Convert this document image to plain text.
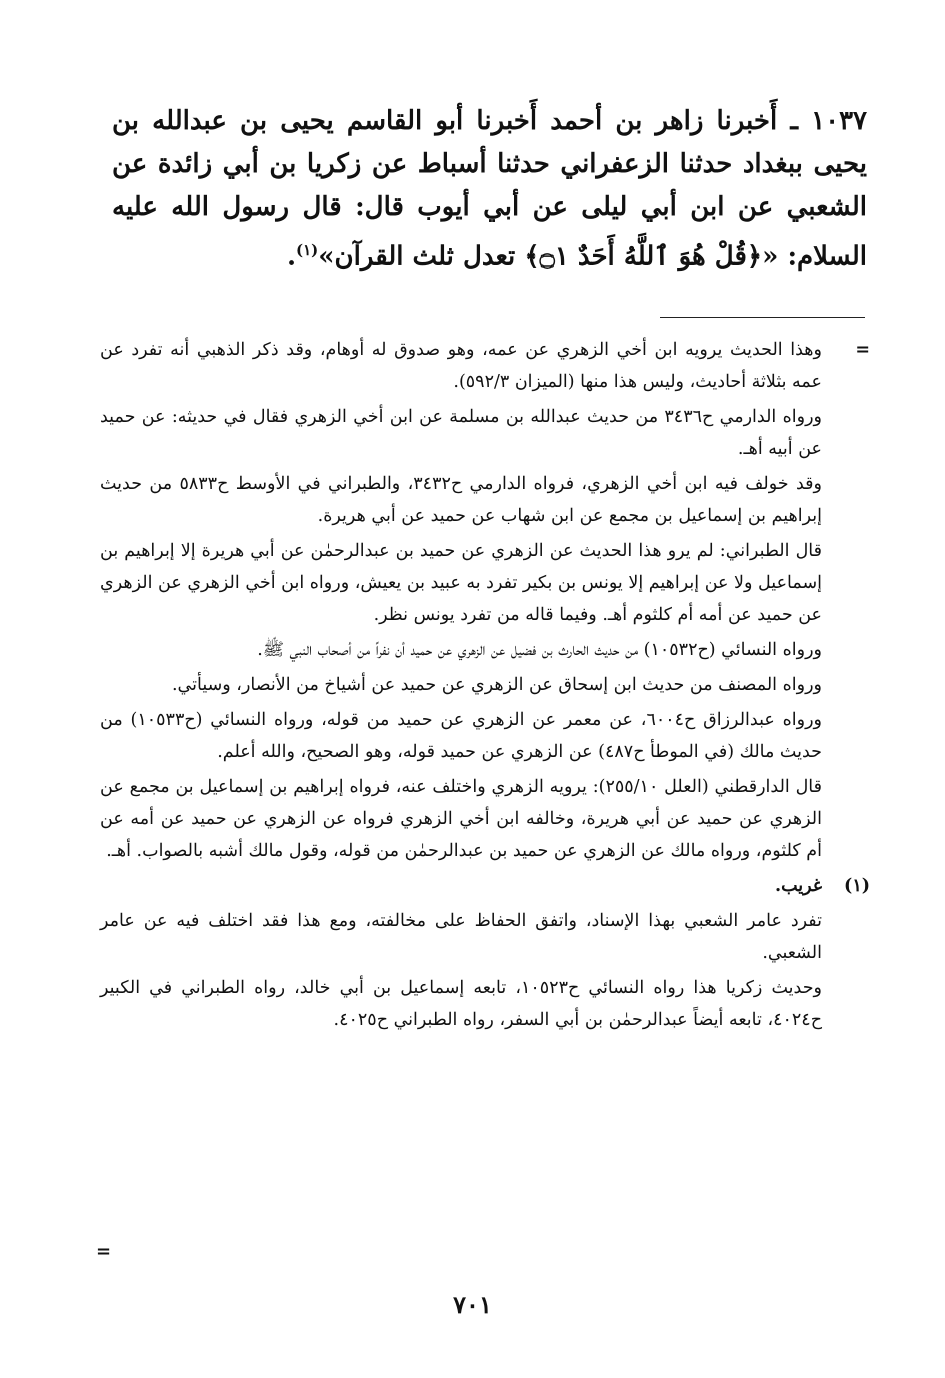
١٠٣٧ ـ أَخبرنا زاهر بن أحمد أَخبرنا أبو القاسم يحيى بن عبدالله بن يحيى ببغداد حدثنا الزعفراني حدثنا أسباط عن زكريا بن أبي زائدة عن الشعبي عن ابن أبي ليلى عن أبي أيوب قال: قال رسول الله عليه السلام: «﴿قُلْ هُوَ ٱللَّهُ أَحَدٌ ۝١﴾ تعدل ثلث القرآن»$^{(١)}$.
=

وهذا الحديث يرويه ابن أخي الزهري عن عمه، وهو صدوق له أوهام، وقد ذكر الذهبي أنه تفرد عن عمه بثلاثة أحاديث، وليس هذا منها (الميزان ٥٩٢/٣).

ورواه الدارمي ح٣٤٣٦ من حديث عبدالله بن مسلمة عن ابن أخي الزهري فقال في حديثه: عن حميد عن أبيه أهـ.

وقد خولف فيه ابن أخي الزهري، فرواه الدارمي ح٣٤٣٢، والطبراني في الأوسط ح٥٨٣٣ من حديث إبراهيم بن إسماعيل بن مجمع عن ابن شهاب عن حميد عن أبي هريرة.

قال الطبراني: لم يرو هذا الحديث عن الزهري عن حميد بن عبدالرحمٰن عن أبي هريرة إلا إبراهيم بن إسماعيل ولا عن إبراهيم إلا يونس بن بكير تفرد به عبيد بن يعيش، ورواه ابن أخي الزهري عن الزهري عن حميد عن أمه أم كلثوم أهـ. وفيما قاله من تفرد يونس نظر.

ورواه النسائي (ح١٠٥٣٢) من حديث الحارث بن فضيل عن الزهري عن حميد أن نفراً من أصحاب النبي ﷺ.

ورواه المصنف من حديث ابن إسحاق عن الزهري عن حميد عن أشياخ من الأنصار، وسيأتي.

ورواه عبدالرزاق ح٦٠٠٤، عن معمر عن الزهري عن حميد من قوله، ورواه النسائي (ح١٠٥٣٣) من حديث مالك (في الموطأ ح٤٨٧) عن الزهري عن حميد قوله، وهو الصحيح، والله أعلم.

قال الدارقطني (العلل ٢٥٥/١٠): يرويه الزهري واختلف عنه، فرواه إبراهيم بن إسماعيل بن مجمع عن الزهري عن حميد عن أبي هريرة، وخالفه ابن أخي الزهري فرواه عن الزهري عن حميد عن أمه عن أم كلثوم، ورواه مالك عن الزهري عن حميد بن عبدالرحمٰن من قوله، وقول مالك أشبه بالصواب. أهـ.

(١)

غريب.

تفرد عامر الشعبي بهذا الإسناد، واتفق الحفاظ على مخالفته، ومع هذا فقد اختلف فيه عن عامر الشعبي.

وحديث زكريا هذا رواه النسائي ح١٠٥٢٣، تابعه إسماعيل بن أبي خالد، رواه الطبراني في الكبير ح٤٠٢٤، تابعه أيضاً عبدالرحمٰن بن أبي السفر، رواه الطبراني ح٤٠٢٥.

=
٧٠١
